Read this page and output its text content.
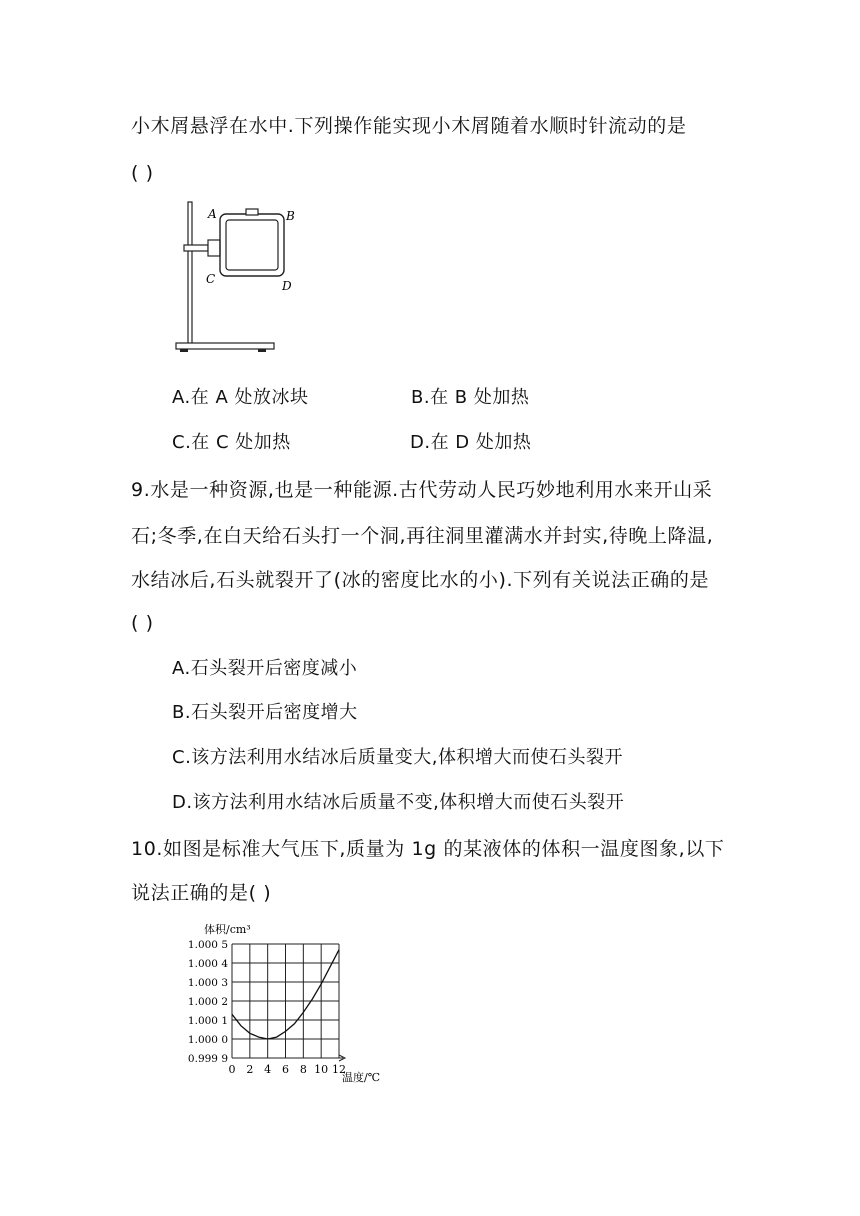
小木屑悬浮在水中.下列操作能实现小木屑随着水顺时针流动的是
( )
A	B
C	D
A.在 A 处放冰块	B.在 B 处加热
C.在 C 处加热	D.在 D 处加热
9.水是一种资源,也是一种能源.古代劳动人民巧妙地利用水来开山采
石;冬季,在白天给石头打一个洞,再往洞里灌满水并封实,待晚上降温,
水结冰后,石头就裂开了(冰的密度比水的小).下列有关说法正确的是
( )
A.石头裂开后密度减小
B.石头裂开后密度增大
C.该方法利用水结冰后质量变大,体积增大而使石头裂开
D.该方法利用水结冰后质量不变,体积增大而使石头裂开
10.如图是标准大气压下,质量为 1g 的某液体的体积一温度图象,以下
说法正确的是( )
体积/cm³
0 2 4 6 8 10 12
0.999 9
1.000 0
1.000 1
1.000 2
1.000 3
1.000 4
1.000 5
温度/℃
